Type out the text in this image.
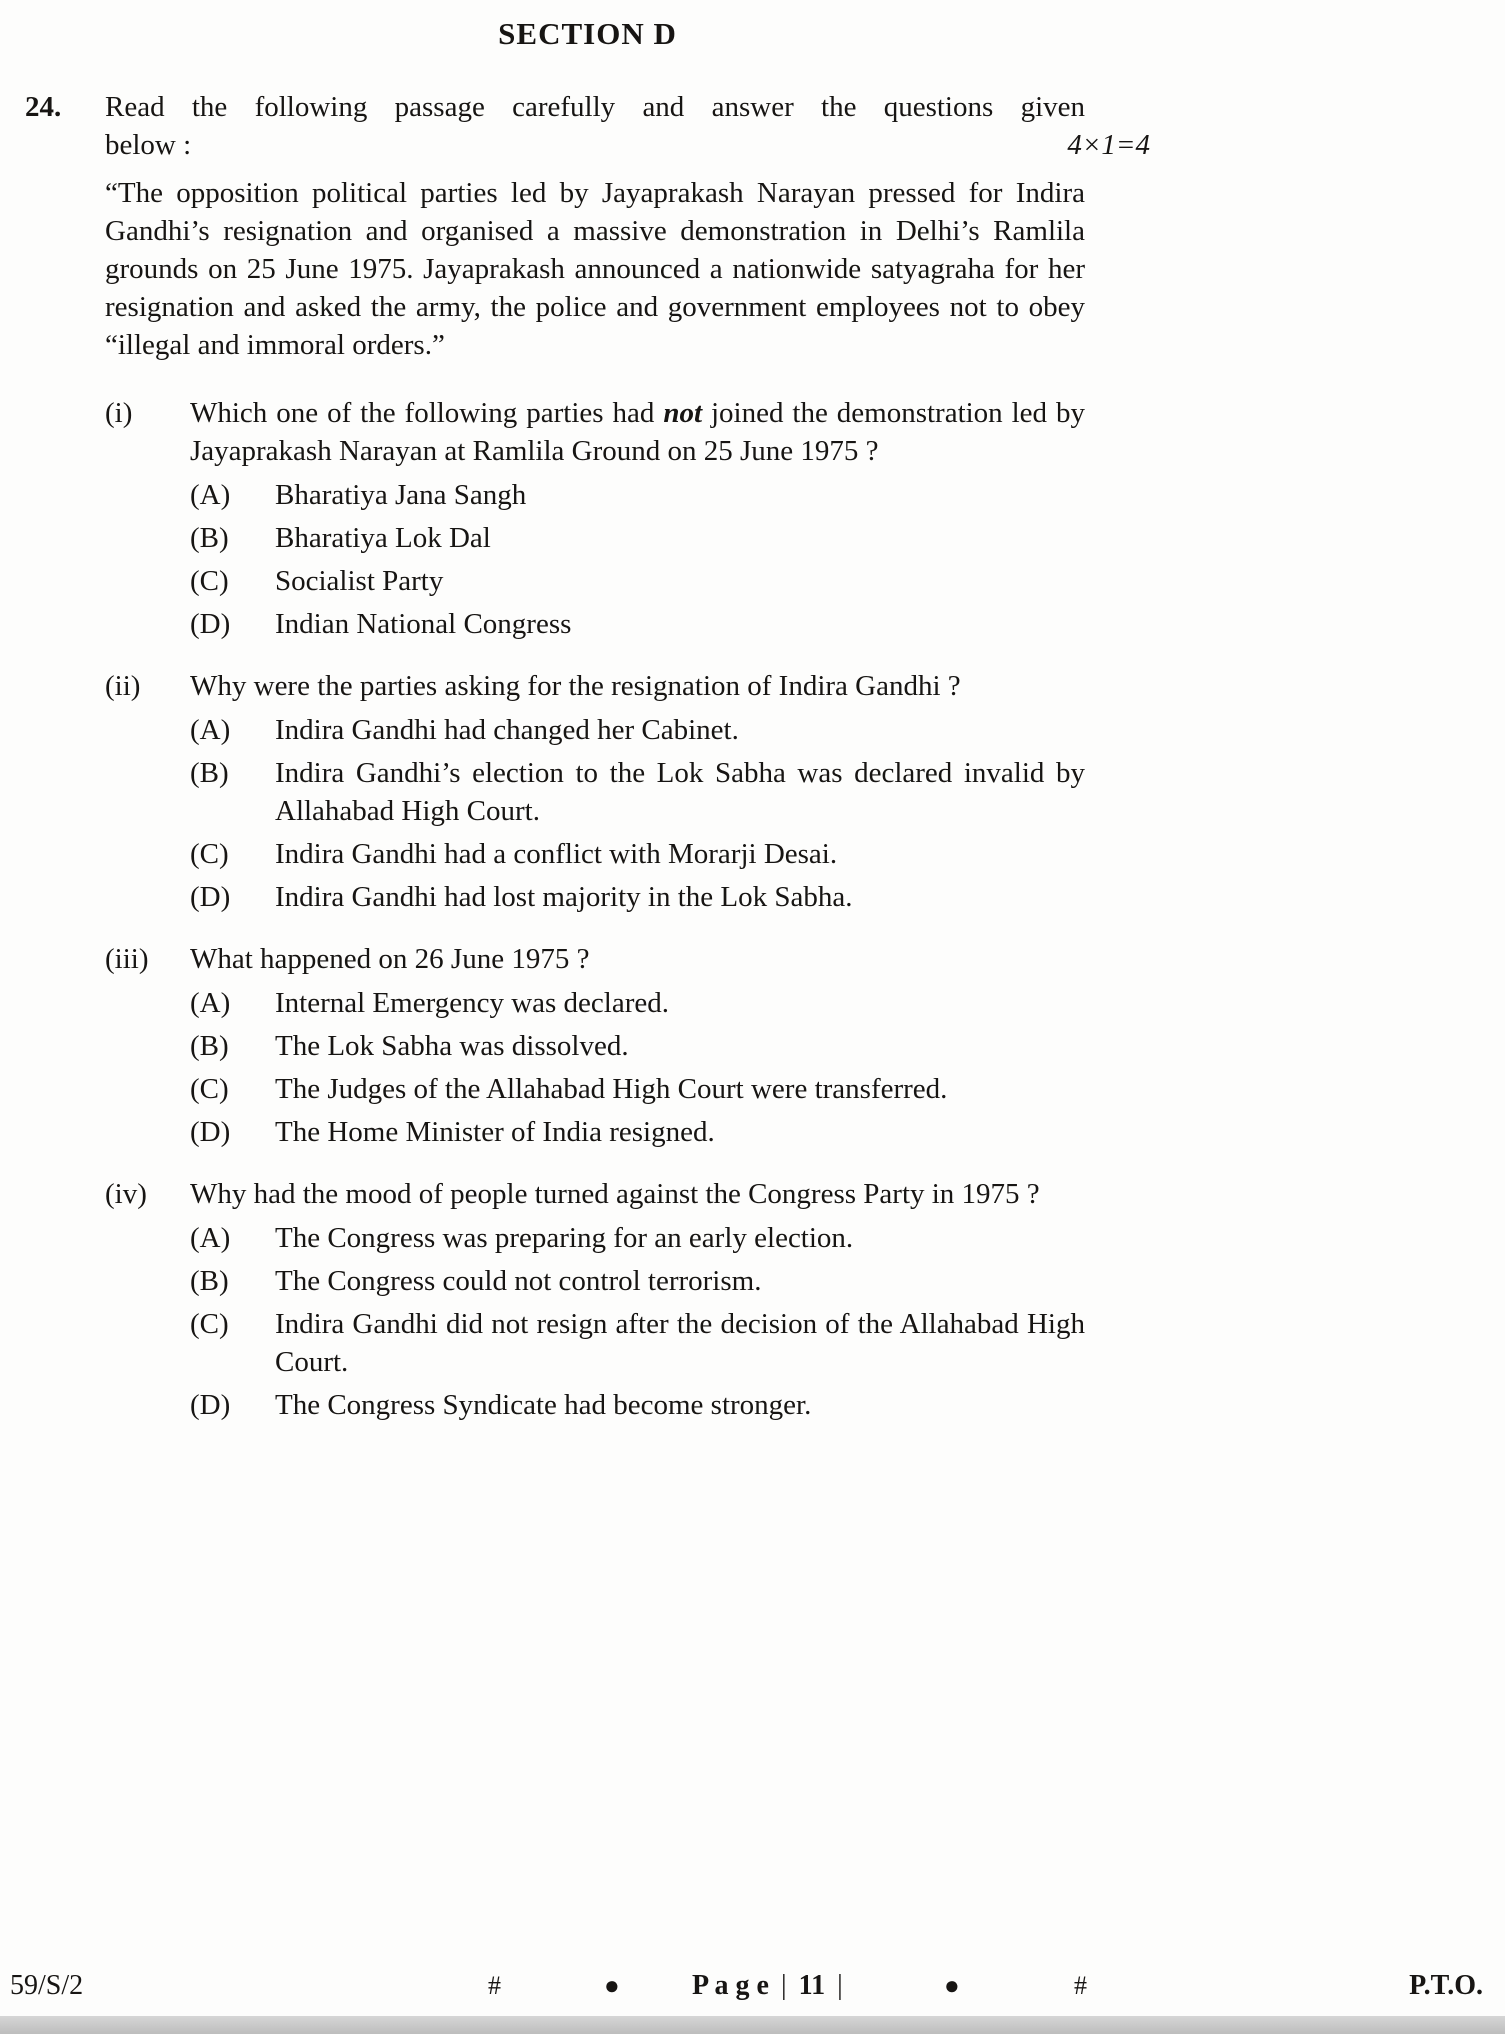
SECTION D
24.	Read the following passage carefully and answer the questions given
below :	4×1=4
“The opposition political parties led by Jayaprakash Narayan pressed for Indira Gandhi’s resignation and organised a massive demonstration in Delhi’s Ramlila grounds on 25 June 1975. Jayaprakash announced a nationwide satyagraha for her resignation and asked the army, the police and government employees not to obey “illegal and immoral orders.”
(i)	Which one of the following parties had not joined the demonstration led by Jayaprakash Narayan at Ramlila Ground on 25 June 1975 ?
(A)	Bharatiya Jana Sangh
(B)	Bharatiya Lok Dal
(C)	Socialist Party
(D)	Indian National Congress
(ii)	Why were the parties asking for the resignation of Indira Gandhi ?
(A)	Indira Gandhi had changed her Cabinet.
(B)	Indira Gandhi’s election to the Lok Sabha was declared invalid by Allahabad High Court.
(C)	Indira Gandhi had a conflict with Morarji Desai.
(D)	Indira Gandhi had lost majority in the Lok Sabha.
(iii)	What happened on 26 June 1975 ?
(A)	Internal Emergency was declared.
(B)	The Lok Sabha was dissolved.
(C)	The Judges of the Allahabad High Court were transferred.
(D)	The Home Minister of India resigned.
(iv)	Why had the mood of people turned against the Congress Party in 1975 ?
(A)	The Congress was preparing for an early election.
(B)	The Congress could not control terrorism.
(C)	Indira Gandhi did not resign after the decision of the Allahabad High Court.
(D)	The Congress Syndicate had become stronger.
59/S/2	#	●	P a g e | 11 |	●	#	P.T.O.
